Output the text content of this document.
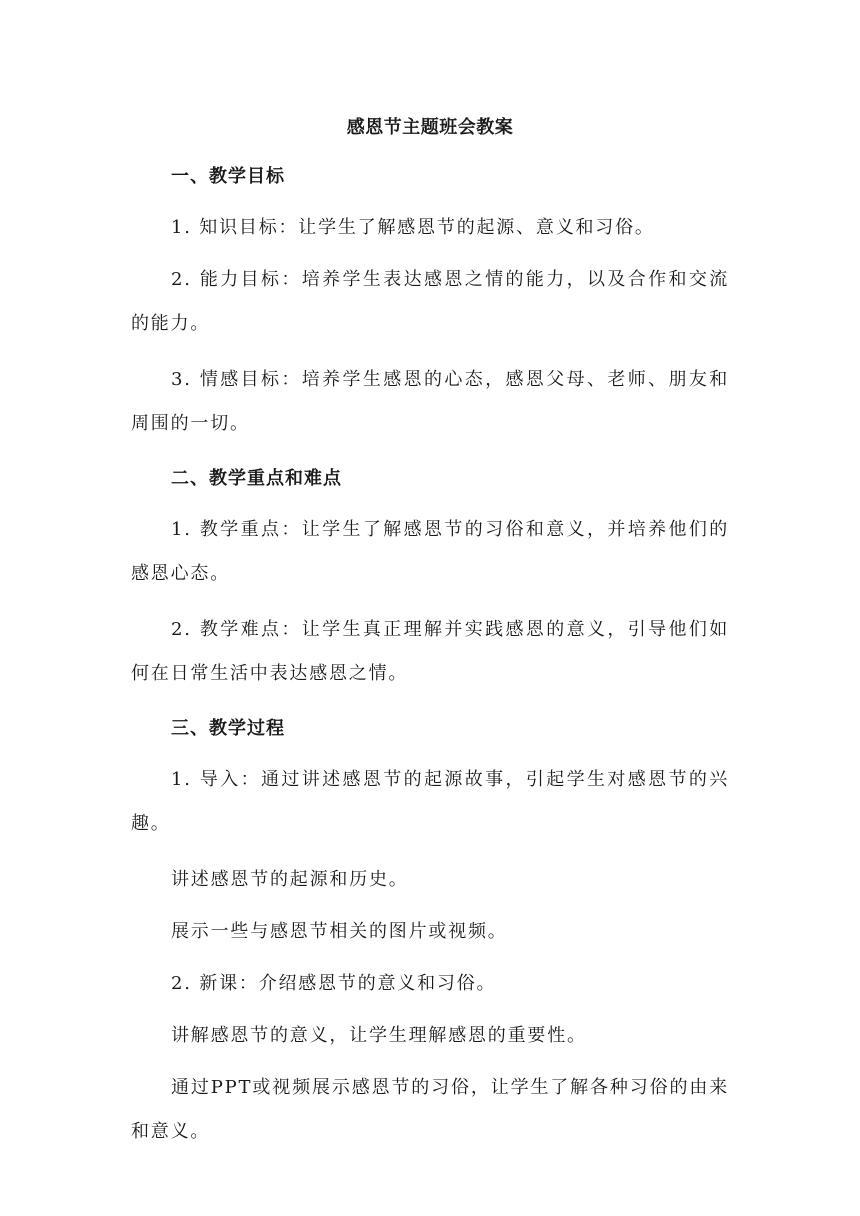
感恩节主题班会教案

一、教学目标

1. 知识目标：让学生了解感恩节的起源、意义和习俗。

2. 能力目标：培养学生表达感恩之情的能力，以及合作和交流的能力。

3. 情感目标：培养学生感恩的心态，感恩父母、老师、朋友和周围的一切。

二、教学重点和难点

1. 教学重点：让学生了解感恩节的习俗和意义，并培养他们的感恩心态。

2. 教学难点：让学生真正理解并实践感恩的意义，引导他们如何在日常生活中表达感恩之情。

三、教学过程

1. 导入：通过讲述感恩节的起源故事，引起学生对感恩节的兴趣。

讲述感恩节的起源和历史。

展示一些与感恩节相关的图片或视频。

2. 新课：介绍感恩节的意义和习俗。

讲解感恩节的意义，让学生理解感恩的重要性。

通过PPT或视频展示感恩节的习俗，让学生了解各种习俗的由来和意义。
